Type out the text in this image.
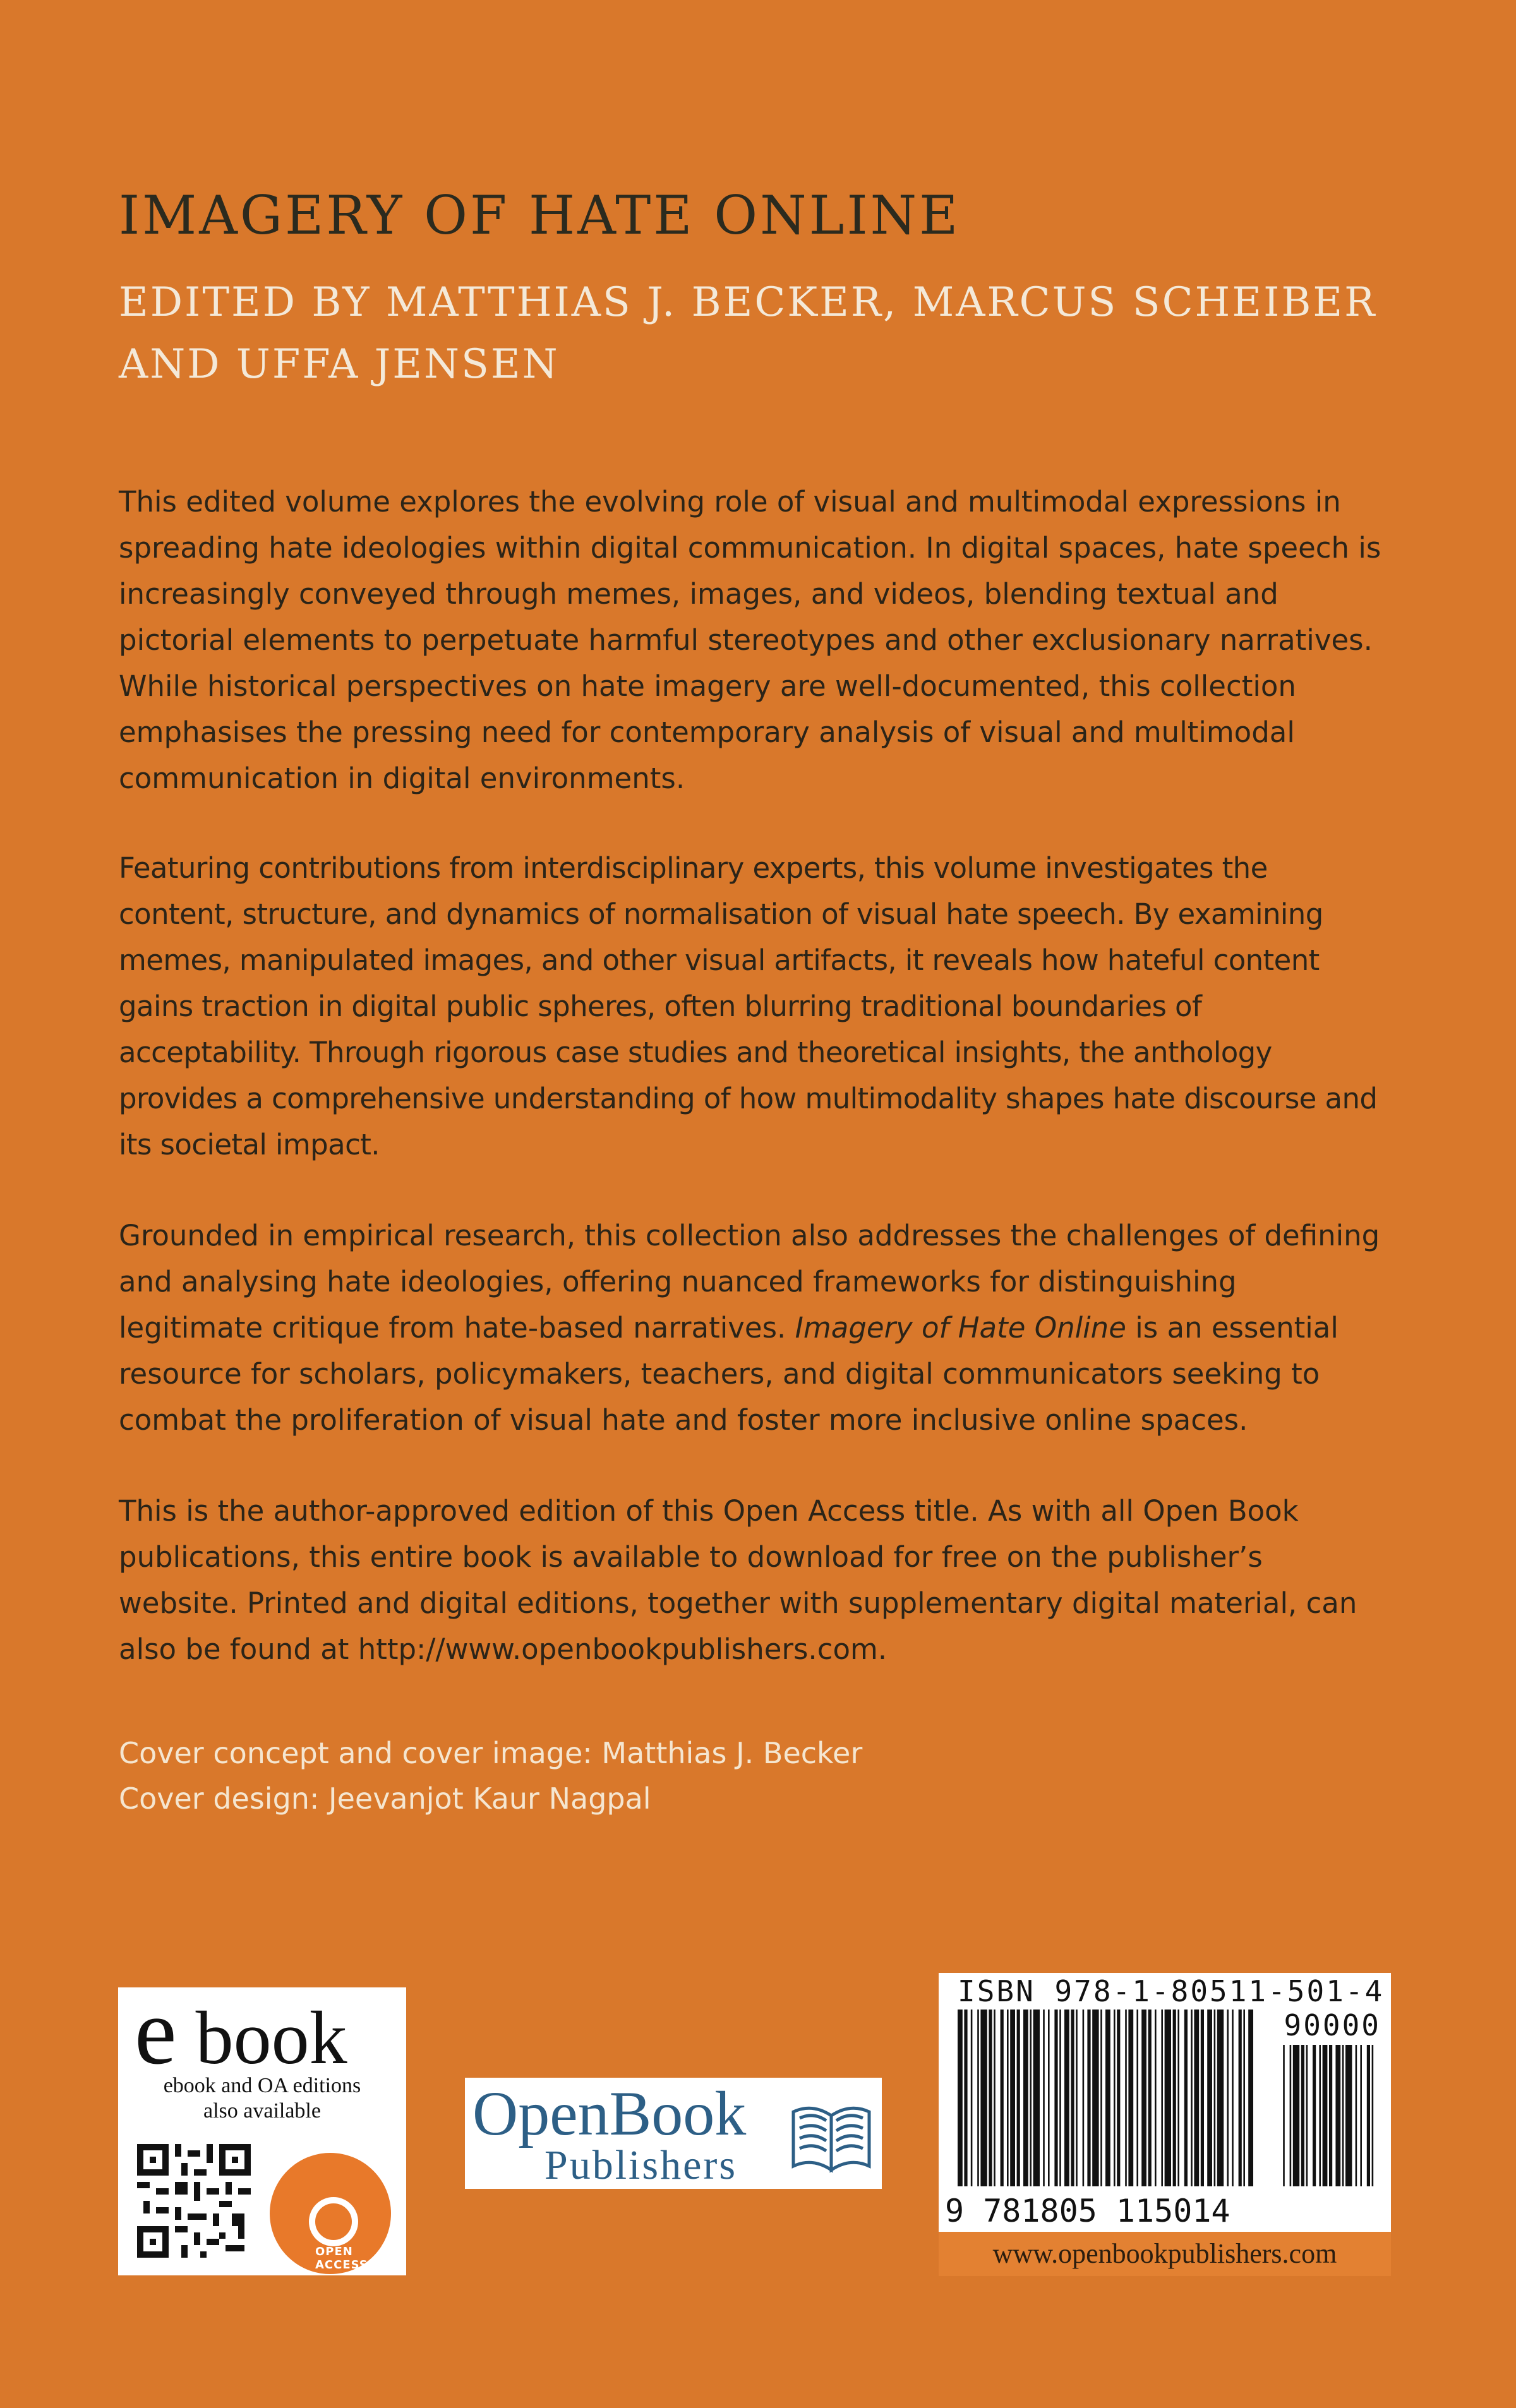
IMAGERY OF HATE ONLINE
EDITED BY MATTHIAS J. BECKER, MARCUS SCHEIBER AND UFFA JENSEN

This edited volume explores the evolving role of visual and multimodal expressions in spreading hate ideologies within digital communication. In digital spaces, hate speech is increasingly conveyed through memes, images, and videos, blending textual and pictorial elements to perpetuate harmful stereotypes and other exclusionary narratives. While historical perspectives on hate imagery are well-documented, this collection emphasises the pressing need for contemporary analysis of visual and multimodal communication in digital environments.

Featuring contributions from interdisciplinary experts, this volume investigates the content, structure, and dynamics of normalisation of visual hate speech. By examining memes, manipulated images, and other visual artifacts, it reveals how hateful content gains traction in digital public spheres, often blurring traditional boundaries of acceptability. Through rigorous case studies and theoretical insights, the anthology provides a comprehensive understanding of how multimodality shapes hate discourse and its societal impact.

Grounded in empirical research, this collection also addresses the challenges of defining and analysing hate ideologies, offering nuanced frameworks for distinguishing legitimate critique from hate-based narratives. Imagery of Hate Online is an essential resource for scholars, policymakers, teachers, and digital communicators seeking to combat the proliferation of visual hate and foster more inclusive online spaces.

This is the author-approved edition of this Open Access title. As with all Open Book publications, this entire book is available to download for free on the publisher’s website. Printed and digital editions, together with supplementary digital material, can also be found at http://www.openbookpublishers.com.

Cover concept and cover image: Matthias J. Becker
Cover design: Jeevanjot Kaur Nagpal
e book
ebook and OA editions
also available
OPEN
ACCESS
OpenBook
Publishers
ISBN 978-1-80511-501-4
90000
9 781805 115014
www.openbookpublishers.com
